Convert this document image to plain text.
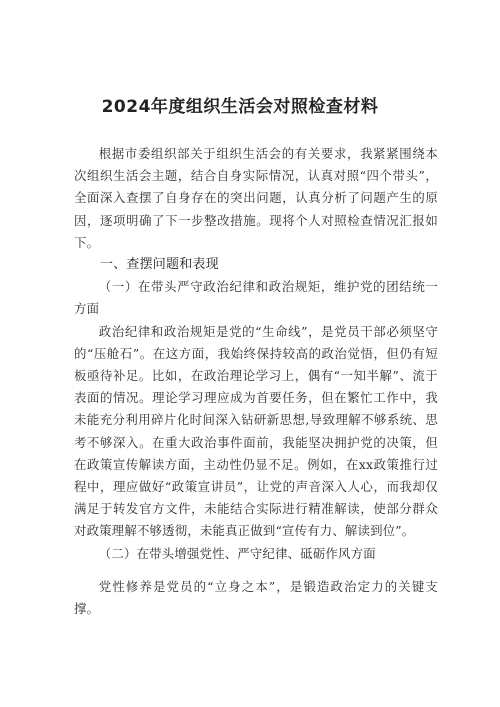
2024年度组织生活会对照检查材料

根据市委组织部关于组织生活会的有关要求，我紧紧围绕本次组织生活会主题，结合自身实际情况，认真对照“四个带头”，全面深入查摆了自身存在的突出问题，认真分析了问题产生的原因，逐项明确了下一步整改措施。现将个人对照检查情况汇报如下。

一、查摆问题和表现

（一）在带头严守政治纪律和政治规矩，维护党的团结统一方面

政治纪律和政治规矩是党的“生命线”，是党员干部必须坚守的“压舱石”。在这方面，我始终保持较高的政治觉悟，但仍有短板亟待补足。比如，在政治理论学习上，偶有“一知半解”、流于表面的情况。理论学习理应成为首要任务，但在繁忙工作中，我未能充分利用碎片化时间深入钻研新思想,导致理解不够系统、思考不够深入。在重大政治事件面前，我能坚决拥护党的决策，但在政策宣传解读方面，主动性仍显不足。例如，在xx政策推行过程中，理应做好“政策宣讲员”，让党的声音深入人心，而我却仅满足于转发官方文件，未能结合实际进行精准解读，使部分群众对政策理解不够透彻，未能真正做到“宣传有力、解读到位”。

（二）在带头增强党性、严守纪律、砥砺作风方面

党性修养是党员的“立身之本”，是锻造政治定力的关键支撑。
